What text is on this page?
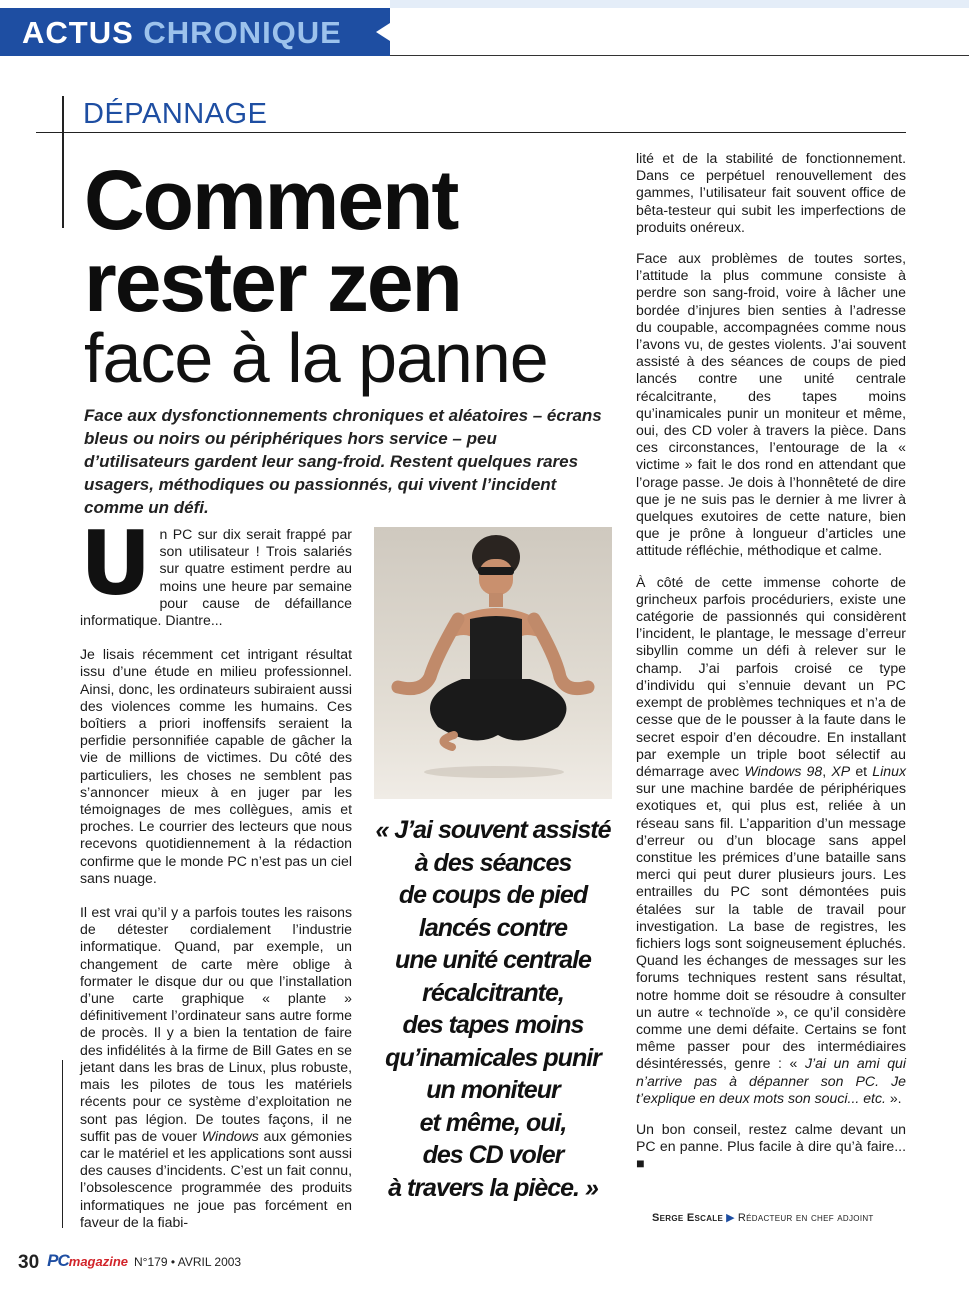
ACTUS CHRONIQUE
DÉPANNAGE
Comment
rester zen
face à la panne

Face aux dysfonctionnements chroniques et aléatoires – écrans bleus ou noirs ou périphériques hors service – peu d’utilisateurs gardent leur sang-froid. Restent quelques rares usagers, méthodiques ou passionnés, qui vivent l’incident comme un défi.

Un PC sur dix serait frappé par son utilisateur ! Trois salariés sur quatre estiment perdre au moins une heure par semaine pour cause de défaillance informatique. Diantre...

Je lisais récemment cet intrigant résultat issu d’une étude en milieu professionnel. Ainsi, donc, les ordinateurs subiraient aussi des violences comme les humains. Ces boîtiers a priori inoffensifs seraient la perfidie personnifiée capable de gâcher la vie de millions de victimes. Du côté des particuliers, les choses ne semblent pas s’annoncer mieux à en juger par les témoignages de mes collègues, amis et proches. Le courrier des lecteurs que nous recevons quotidiennement à la rédaction confirme que le monde PC n’est pas un ciel sans nuage.

Il est vrai qu’il y a parfois toutes les raisons de détester cordialement l’industrie informatique. Quand, par exemple, un changement de carte mère oblige à formater le disque dur ou que l’installation d’une carte graphique « plante » définitivement l’ordinateur sans autre forme de procès. Il y a bien la tentation de faire des infidélités à la firme de Bill Gates en se jetant dans les bras de Linux, plus robuste, mais les pilotes de tous les matériels récents pour ce système d’exploitation ne sont pas légion. De toutes façons, il ne suffit pas de vouer Windows aux gémonies car le matériel et les applications sont aussi des causes d’incidents. C’est un fait connu, l’obsolescence programmée des produits informatiques ne joue pas forcément en faveur de la fiabi-

« J’ai souvent assisté
à des séances
de coups de pied
lancés contre
une unité centrale
récalcitrante,
des tapes moins
qu’inamicales punir
un moniteur
et même, oui,
des CD voler
à travers la pièce. »

lité et de la stabilité de fonctionnement. Dans ce perpétuel renouvellement des gammes, l’utilisateur fait souvent office de bêta-testeur qui subit les imperfections de produits onéreux.

Face aux problèmes de toutes sortes, l’attitude la plus commune consiste à perdre son sang-froid, voire à lâcher une bordée d’injures bien senties à l’adresse du coupable, accompagnées comme nous l’avons vu, de gestes violents. J’ai souvent assisté à des séances de coups de pied lancés contre une unité centrale récalcitrante, des tapes moins qu’inamicales punir un moniteur et même, oui, des CD voler à travers la pièce. Dans ces circonstances, l’entourage de la « victime » fait le dos rond en attendant que l’orage passe. Je dois à l’honnêteté de dire que je ne suis pas le dernier à me livrer à quelques exutoires de cette nature, bien que je prône à longueur d’articles une attitude réfléchie, méthodique et calme.

À côté de cette immense cohorte de grincheux parfois procéduriers, existe une catégorie de passionnés qui considèrent l’incident, le plantage, le message d’erreur sibyllin comme un défi à relever sur le champ. J’ai parfois croisé ce type d’individu qui s’ennuie devant un PC exempt de problèmes techniques et n’a de cesse que de le pousser à la faute dans le secret espoir d’en découdre. En installant par exemple un triple boot sélectif au démarrage avec Windows 98, XP et Linux sur une machine bardée de périphériques exotiques et, qui plus est, reliée à un réseau sans fil. L’apparition d’un message d’erreur ou d’un blocage sans appel constitue les prémices d’une bataille sans merci qui peut durer plusieurs jours. Les entrailles du PC sont démontées puis étalées sur la table de travail pour investigation. La base de registres, les fichiers logs sont soigneusement épluchés. Quand les échanges de messages sur les forums techniques restent sans résultat, notre homme doit se résoudre à consulter un autre « technoïde », ce qu’il considère comme une demi défaite. Certains se font même passer pour des intermédiaires désintéressés, genre : « J’ai un ami qui n’arrive pas à dépanner son PC. Je t’explique en deux mots son souci... etc. ».

Un bon conseil, restez calme devant un PC en panne. Plus facile à dire qu’à faire... ■

Serge Escale ▶ Rédacteur en chef adjoint
30 PCmagazine N°179 • AVRIL 2003
